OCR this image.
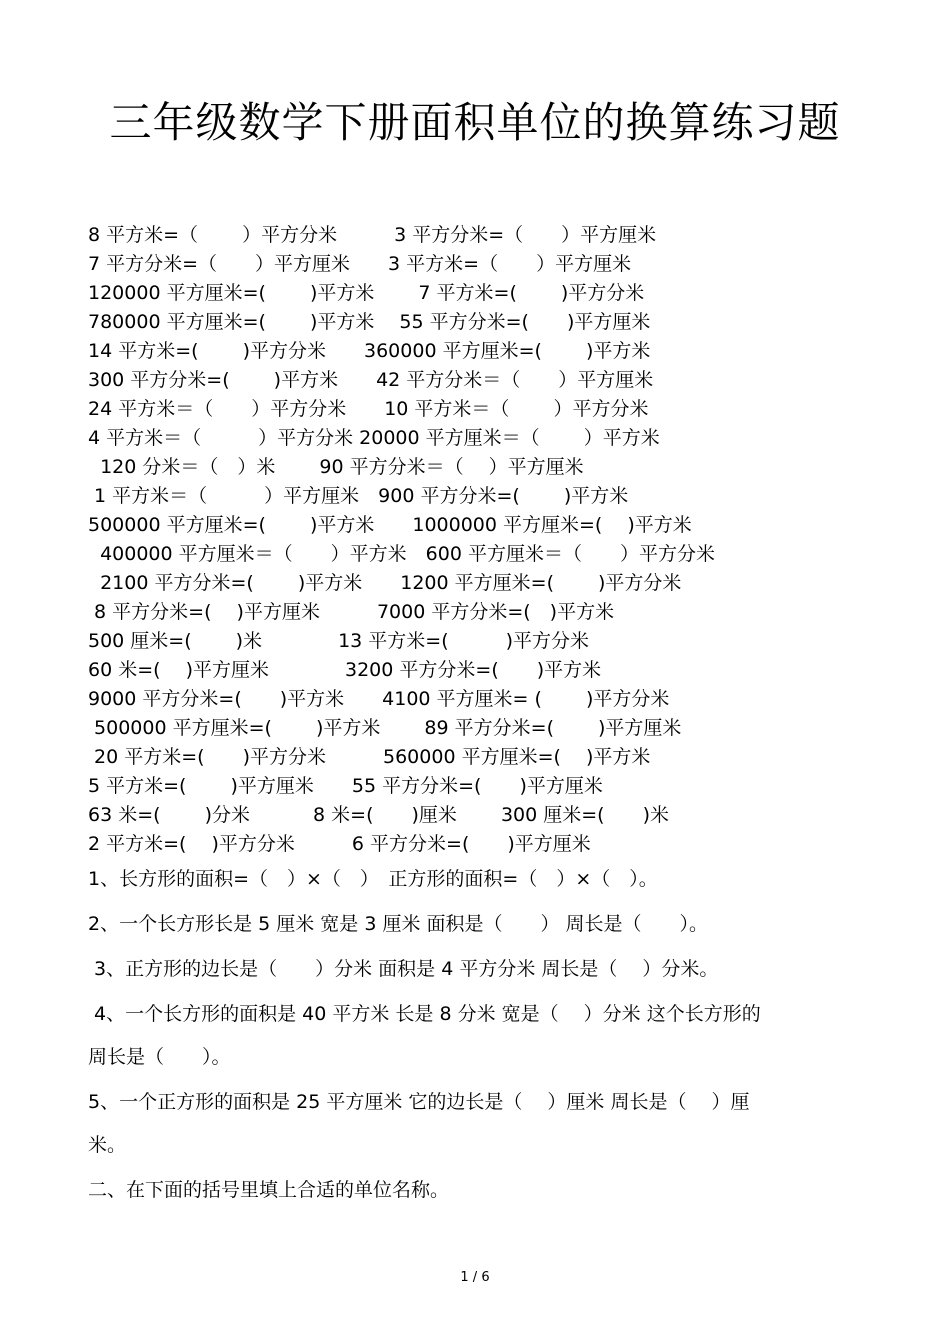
三年级数学下册面积单位的换算练习题
8 平方米=（　　 ）平方分米　　　3 平方分米=（　　）平方厘米
7 平方分米=（　　）平方厘米　　3 平方米=（　　）平方厘米
120000 平方厘米=(　　 )平方米　　 7 平方米=(　　 )平方分米
780000 平方厘米=(　　 )平方米　 55 平方分米=(　　)平方厘米
14 平方米=(　　 )平方分米　　360000 平方厘米=(　　 )平方米
300 平方分米=(　　 )平方米　　42 平方分米＝（　　）平方厘米
24 平方米＝（　　）平方分米　　10 平方米＝（　　 ）平方分米
4 平方米＝（　　　）平方分米 20000 平方厘米＝（　　 ）平方米
120 分米＝（　）米　　 90 平方分米＝（　 ）平方厘米
1 平方米＝（　　　）平方厘米　900 平方分米=(　　 )平方米
500000 平方厘米=(　　 )平方米　　1000000 平方厘米=(　 )平方米
400000 平方厘米＝（　　）平方米　600 平方厘米＝（　　）平方分米
2100 平方分米=(　　 )平方米　　1200 平方厘米=(　　 )平方分米
8 平方分米=(　 )平方厘米　　　7000 平方分米=(　)平方米
500 厘米=(　　 )米　　　　13 平方米=(　　　)平方分米
60 米=(　 )平方厘米　　　　3200 平方分米=(　　)平方米
9000 平方分米=(　　)平方米　　4100 平方厘米= (　　 )平方分米
500000 平方厘米=(　　 )平方米　　 89 平方分米=(　　 )平方厘米
20 平方米=(　　)平方分米　　　560000 平方厘米=(　 )平方米
5 平方米=(　　 )平方厘米　　55 平方分米=(　　)平方厘米
63 米=(　　 )分米　　　 8 米=(　　)厘米　　 300 厘米=(　　)米
2 平方米=(　 )平方分米　　　6 平方分米=(　　)平方厘米
1、长方形的面积=（　）×（　）　正方形的面积=（　）×（　）。
2、一个长方形长是 5 厘米 宽是 3 厘米 面积是（　　） 周长是（　　）。
3、正方形的边长是（　　）分米 面积是 4 平方分米 周长是（　 ）分米。
4、一个长方形的面积是 40 平方米 长是 8 分米 宽是（　 ）分米 这个长方形的
周长是（　　）。
5、一个正方形的面积是 25 平方厘米 它的边长是（　 ）厘米 周长是（　 ）厘
米。
二、在下面的括号里填上合适的单位名称。
1 / 6
